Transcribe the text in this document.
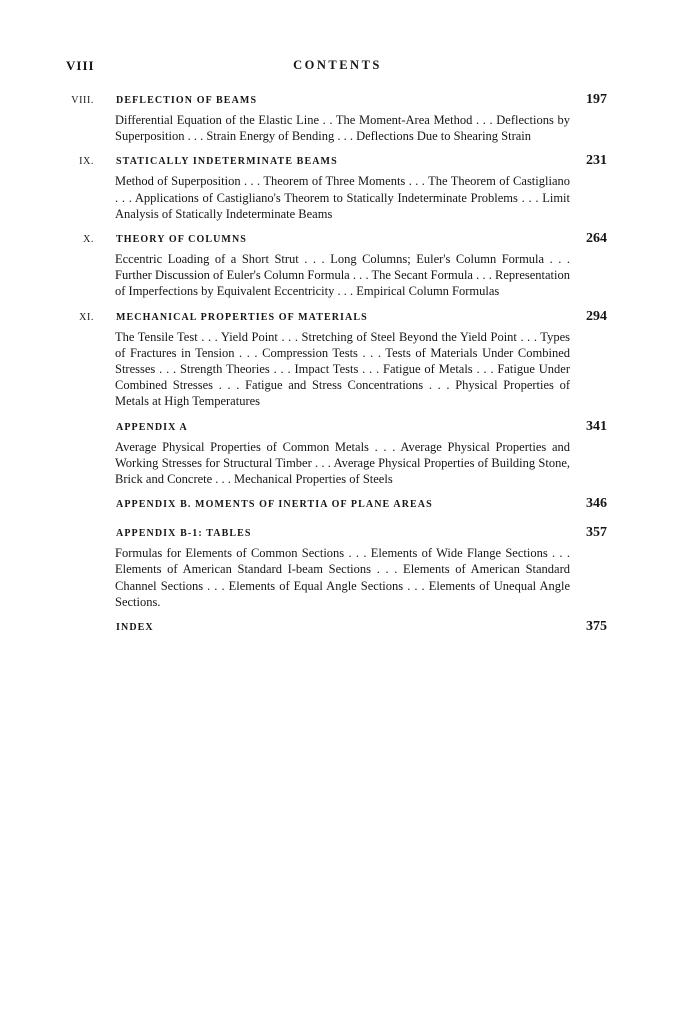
VIII	CONTENTS
VIII. DEFLECTION OF BEAMS	197
Differential Equation of the Elastic Line . . The Moment-Area Method . . . Deflections by Superposition . . . Strain Energy of Bending . . . Deflections Due to Shearing Strain
IX. STATICALLY INDETERMINATE BEAMS	231
Method of Superposition . . . Theorem of Three Moments . . . The Theorem of Castigliano . . . Applications of Castigliano's Theorem to Statically Indeterminate Problems . . . Limit Analysis of Statically Indeterminate Beams
X. THEORY OF COLUMNS	264
Eccentric Loading of a Short Strut . . . Long Columns; Euler's Column Formula . . . Further Discussion of Euler's Column Formula . . . The Secant Formula . . . Representation of Imperfections by Equivalent Eccentricity . . . Empirical Column Formulas
XI. MECHANICAL PROPERTIES OF MATERIALS	294
The Tensile Test . . . Yield Point . . . Stretching of Steel Beyond the Yield Point . . . Types of Fractures in Tension . . . Compression Tests . . . Tests of Materials Under Combined Stresses . . . Strength Theories . . . Impact Tests . . . Fatigue of Metals . . . Fatigue Under Combined Stresses . . . Fatigue and Stress Concentrations . . . Physical Properties of Metals at High Temperatures
APPENDIX A	341
Average Physical Properties of Common Metals . . . Average Physical Properties and Working Stresses for Structural Timber . . . Average Physical Properties of Building Stone, Brick and Concrete . . . Mechanical Properties of Steels
APPENDIX B. MOMENTS OF INERTIA OF PLANE AREAS	346
APPENDIX B-1: TABLES	357
Formulas for Elements of Common Sections . . . Elements of Wide Flange Sections . . . Elements of American Standard I-beam Sections . . . Elements of American Standard Channel Sections . . . Elements of Equal Angle Sections . . . Elements of Unequal Angle Sections.
INDEX	375
